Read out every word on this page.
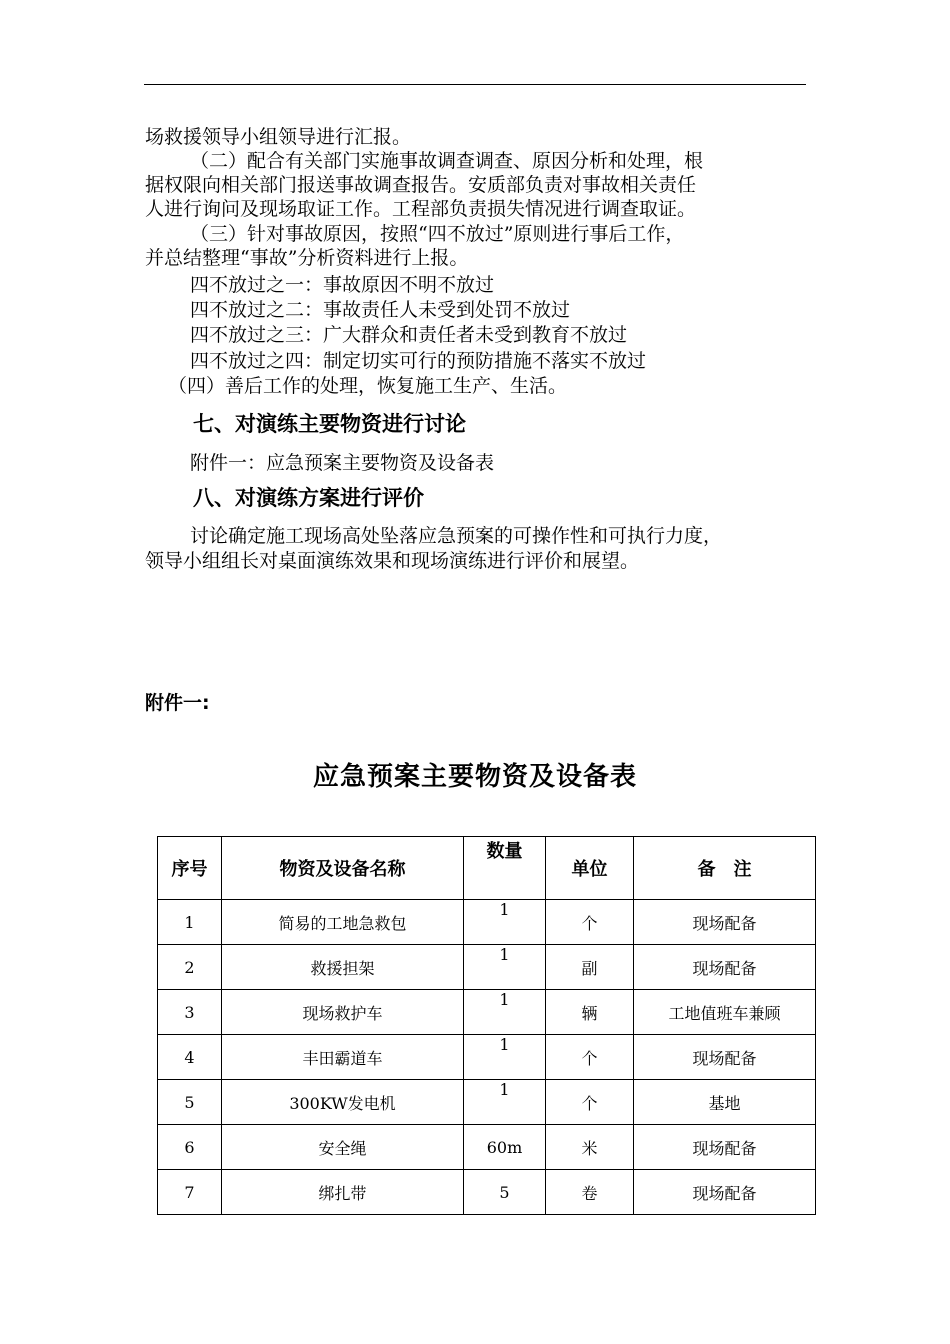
场救援领导小组领导进行汇报。
（二）配合有关部门实施事故调查调查、原因分析和处理，根
据权限向相关部门报送事故调查报告。安质部负责对事故相关责任
人进行询问及现场取证工作。工程部负责损失情况进行调查取证。
（三）针对事故原因，按照“四不放过”原则进行事后工作，
并总结整理“事故”分析资料进行上报。
四不放过之一：事故原因不明不放过
四不放过之二：事故责任人未受到处罚不放过
四不放过之三：广大群众和责任者未受到教育不放过
四不放过之四：制定切实可行的预防措施不落实不放过
（四）善后工作的处理，恢复施工生产、生活。
七、对演练主要物资进行讨论
附件一：应急预案主要物资及设备表
八、对演练方案进行评价
讨论确定施工现场高处坠落应急预案的可操作性和可执行力度，
领导小组组长对桌面演练效果和现场演练进行评价和展望。
附件一:
应急预案主要物资及设备表
序号	物资及设备名称	数量	单位	备　注
1	简易的工地急救包	1	个	现场配备
2	救援担架	1	副	现场配备
3	现场救护车	1	辆	工地值班车兼顾
4	丰田霸道车	1	个	现场配备
5	300KW发电机	1	个	基地
6	安全绳	60m	米	现场配备
7	绑扎带	5	卷	现场配备
